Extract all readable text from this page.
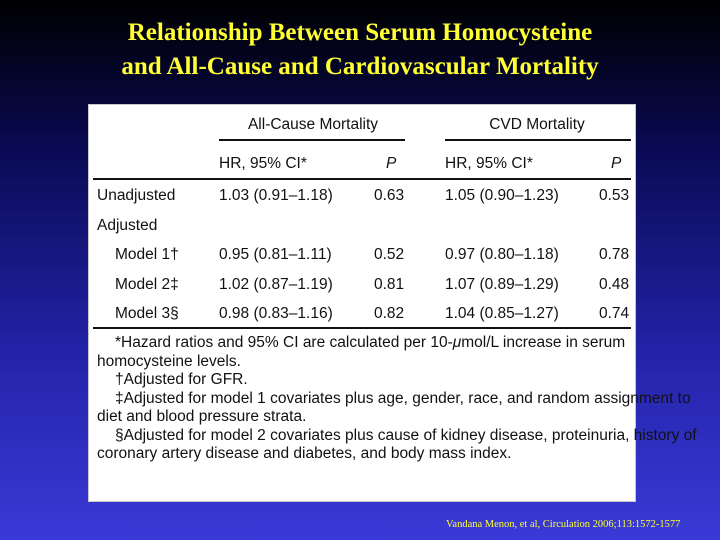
Relationship Between Serum Homocysteine
and All-Cause and Cardiovascular Mortality
All-Cause Mortality	CVD Mortality
HR, 95% CI*	P	HR, 95% CI*	P
Unadjusted	1.03 (0.91–1.18)	0.63	1.05 (0.90–1.23)	0.53
Adjusted
Model 1†	0.95 (0.81–1.11)	0.52	0.97 (0.80–1.18)	0.78
Model 2‡	1.02 (0.87–1.19)	0.81	1.07 (0.89–1.29)	0.48
Model 3§	0.98 (0.83–1.16)	0.82	1.04 (0.85–1.27)	0.74
*Hazard ratios and 95% CI are calculated per 10-μmol/L increase in serum
homocysteine levels.
†Adjusted for GFR.
‡Adjusted for model 1 covariates plus age, gender, race, and random assignment to
diet and blood pressure strata.
§Adjusted for model 2 covariates plus cause of kidney disease, proteinuria, history of
coronary artery disease and diabetes, and body mass index.
Vandana Menon, et al, Circulation 2006;113:1572-1577
